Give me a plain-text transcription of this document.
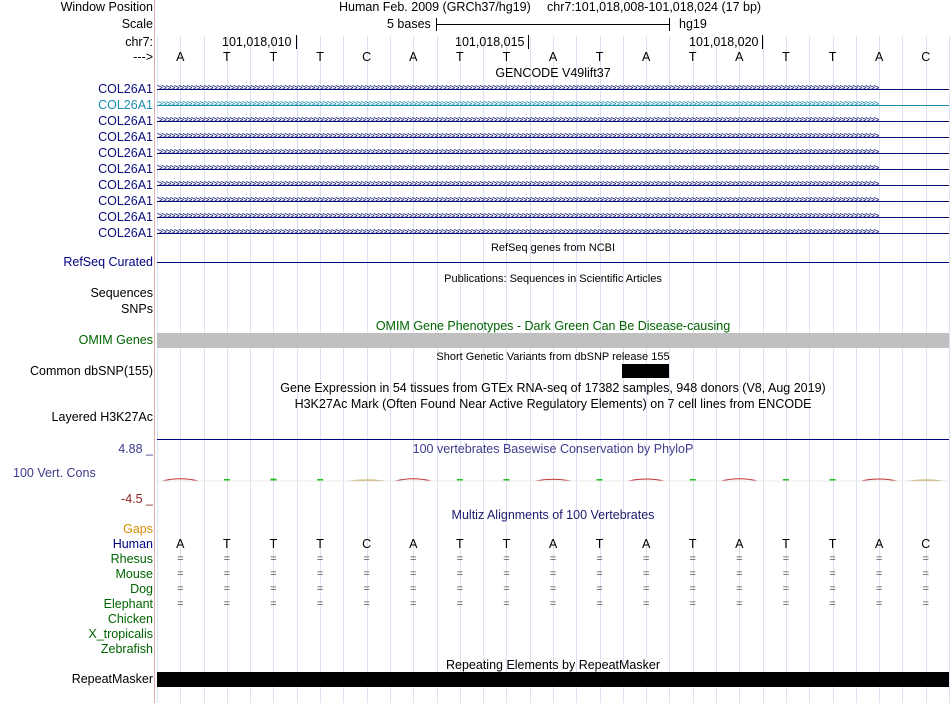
Window Position	Human Feb. 2009 (GRCh37/hg19) chr7:101,018,008-101,018,024 (17 bp)
Scale	5 bases	hg19
chr7:	101,018,010	101,018,015	101,018,020
--->	A	T	T	T	C	A	T	T	A	T	A	T	A	T	T	A	C
GENCODE V49lift37
COL26A1 >>>>>>>>>>>>>>>>>>>>>>>>>>>>>>>>>>>>>>>>>>>>>>>>>>>>>>>>>>>>>>>>>>>>>>>>>>>>>>>>>>>>>>>>>>>>>>>>>>>>>>>>>>>>>>>>>>>>>>>>>>>>>>>>>>>>>>>>>>>>>>>>>>>>>>>>>>>>>>>>>>>>>>>>>>
COL26A1 >>>>>>>>>>>>>>>>>>>>>>>>>>>>>>>>>>>>>>>>>>>>>>>>>>>>>>>>>>>>>>>>>>>>>>>>>>>>>>>>>>>>>>>>>>>>>>>>>>>>>>>>>>>>>>>>>>>>>>>>>>>>>>>>>>>>>>>>>>>>>>>>>>>>>>>>>>>>>>>>>>>>>>>>>>
COL26A1 >>>>>>>>>>>>>>>>>>>>>>>>>>>>>>>>>>>>>>>>>>>>>>>>>>>>>>>>>>>>>>>>>>>>>>>>>>>>>>>>>>>>>>>>>>>>>>>>>>>>>>>>>>>>>>>>>>>>>>>>>>>>>>>>>>>>>>>>>>>>>>>>>>>>>>>>>>>>>>>>>>>>>>>>>>
COL26A1 >>>>>>>>>>>>>>>>>>>>>>>>>>>>>>>>>>>>>>>>>>>>>>>>>>>>>>>>>>>>>>>>>>>>>>>>>>>>>>>>>>>>>>>>>>>>>>>>>>>>>>>>>>>>>>>>>>>>>>>>>>>>>>>>>>>>>>>>>>>>>>>>>>>>>>>>>>>>>>>>>>>>>>>>>>
COL26A1 >>>>>>>>>>>>>>>>>>>>>>>>>>>>>>>>>>>>>>>>>>>>>>>>>>>>>>>>>>>>>>>>>>>>>>>>>>>>>>>>>>>>>>>>>>>>>>>>>>>>>>>>>>>>>>>>>>>>>>>>>>>>>>>>>>>>>>>>>>>>>>>>>>>>>>>>>>>>>>>>>>>>>>>>>>
COL26A1 >>>>>>>>>>>>>>>>>>>>>>>>>>>>>>>>>>>>>>>>>>>>>>>>>>>>>>>>>>>>>>>>>>>>>>>>>>>>>>>>>>>>>>>>>>>>>>>>>>>>>>>>>>>>>>>>>>>>>>>>>>>>>>>>>>>>>>>>>>>>>>>>>>>>>>>>>>>>>>>>>>>>>>>>>>
COL26A1 >>>>>>>>>>>>>>>>>>>>>>>>>>>>>>>>>>>>>>>>>>>>>>>>>>>>>>>>>>>>>>>>>>>>>>>>>>>>>>>>>>>>>>>>>>>>>>>>>>>>>>>>>>>>>>>>>>>>>>>>>>>>>>>>>>>>>>>>>>>>>>>>>>>>>>>>>>>>>>>>>>>>>>>>>>
COL26A1 >>>>>>>>>>>>>>>>>>>>>>>>>>>>>>>>>>>>>>>>>>>>>>>>>>>>>>>>>>>>>>>>>>>>>>>>>>>>>>>>>>>>>>>>>>>>>>>>>>>>>>>>>>>>>>>>>>>>>>>>>>>>>>>>>>>>>>>>>>>>>>>>>>>>>>>>>>>>>>>>>>>>>>>>>>
COL26A1 >>>>>>>>>>>>>>>>>>>>>>>>>>>>>>>>>>>>>>>>>>>>>>>>>>>>>>>>>>>>>>>>>>>>>>>>>>>>>>>>>>>>>>>>>>>>>>>>>>>>>>>>>>>>>>>>>>>>>>>>>>>>>>>>>>>>>>>>>>>>>>>>>>>>>>>>>>>>>>>>>>>>>>>>>>
COL26A1 >>>>>>>>>>>>>>>>>>>>>>>>>>>>>>>>>>>>>>>>>>>>>>>>>>>>>>>>>>>>>>>>>>>>>>>>>>>>>>>>>>>>>>>>>>>>>>>>>>>>>>>>>>>>>>>>>>>>>>>>>>>>>>>>>>>>>>>>>>>>>>>>>>>>>>>>>>>>>>>>>>>>>>>>>>
RefSeq genes from NCBI
RefSeq Curated
Publications: Sequences in Scientific Articles
Sequences
SNPs
OMIM Gene Phenotypes - Dark Green Can Be Disease-causing
OMIM Genes
Short Genetic Variants from dbSNP release 155
Common dbSNP(155)
Gene Expression in 54 tissues from GTEx RNA-seq of 17382 samples, 948 donors (V8, Aug 2019)
H3K27Ac Mark (Often Found Near Active Regulatory Elements) on 7 cell lines from ENCODE
Layered H3K27Ac
100 vertebrates Basewise Conservation by PhyloP
4.88 _
100 Vert. Cons
-4.5 _
Multiz Alignments of 100 Vertebrates
Gaps
Human	A	T	T	T	C	A	T	T	A	T	A	T	A	T	T	A	C
Rhesus	=	=	=	=	=	=	=	=	=	=	=	=	=	=	=	=	=
Mouse	=	=	=	=	=	=	=	=	=	=	=	=	=	=	=	=	=
Dog	=	=	=	=	=	=	=	=	=	=	=	=	=	=	=	=	=
Elephant	=	=	=	=	=	=	=	=	=	=	=	=	=	=	=	=	=
Chicken
X_tropicalis
Zebrafish
Repeating Elements by RepeatMasker
RepeatMasker
